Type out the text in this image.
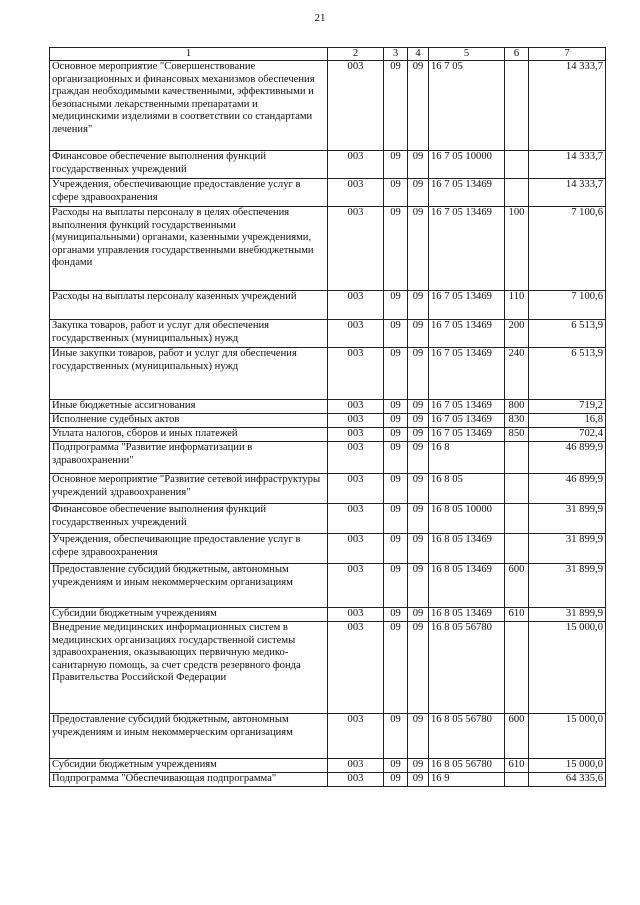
21
1	2	3	4	5	6	7
Основное мероприятие "Совершенствование организационных и финансовых механизмов обеспечения граждан необходимыми качественными, эффективными и безопасными лекарственными препаратами и медицинскими изделиями в соответствии со стандартами лечения"	003	09	09	16 7 05		14 333,7
Финансовое обеспечение выполнения функций государственных учреждений	003	09	09	16 7 05 10000		14 333,7
Учреждения, обеспечивающие предоставление услуг в сфере здравоохранения	003	09	09	16 7 05 13469		14 333,7
Расходы на выплаты персоналу в целях обеспечения выполнения функций государственными (муниципальными) органами, казенными учреждениями, органами управления государственными внебюджетными фондами	003	09	09	16 7 05 13469	100	7 100,6
Расходы на выплаты персоналу казенных учреждений	003	09	09	16 7 05 13469	110	7 100,6
Закупка товаров, работ и услуг для обеспечения государственных (муниципальных) нужд	003	09	09	16 7 05 13469	200	6 513,9
Иные закупки товаров, работ и услуг для обеспечения государственных (муниципальных) нужд	003	09	09	16 7 05 13469	240	6 513,9
Иные бюджетные ассигнования	003	09	09	16 7 05 13469	800	719,2
Исполнение судебных актов	003	09	09	16 7 05 13469	830	16,8
Уплата налогов, сборов и иных платежей	003	09	09	16 7 05 13469	850	702,4
Подпрограмма "Развитие информатизации в здравоохранении"	003	09	09	16 8		46 899,9
Основное мероприятие "Развитие сетевой инфраструктуры учреждений здравоохранения"	003	09	09	16 8 05		46 899,9
Финансовое обеспечение выполнения функций государственных учреждений	003	09	09	16 8 05 10000		31 899,9
Учреждения, обеспечивающие предоставление услуг в сфере здравоохранения	003	09	09	16 8 05 13469		31 899,9
Предоставление субсидий бюджетным, автономным учреждениям и иным некоммерческим организациям	003	09	09	16 8 05 13469	600	31 899,9
Субсидии бюджетным учреждениям	003	09	09	16 8 05 13469	610	31 899,9
Внедрение медицинских информационных систем в медицинских организациях государственной системы здравоохранения, оказывающих первичную медико-санитарную помощь, за счет средств резервного фонда Правительства Российской Федерации	003	09	09	16 8 05 56780		15 000,0
Предоставление субсидий бюджетным, автономным учреждениям и иным некоммерческим организациям	003	09	09	16 8 05 56780	600	15 000,0
Субсидии бюджетным учреждениям	003	09	09	16 8 05 56780	610	15 000,0
Подпрограмма "Обеспечивающая подпрограмма"	003	09	09	16 9		64 335,6
